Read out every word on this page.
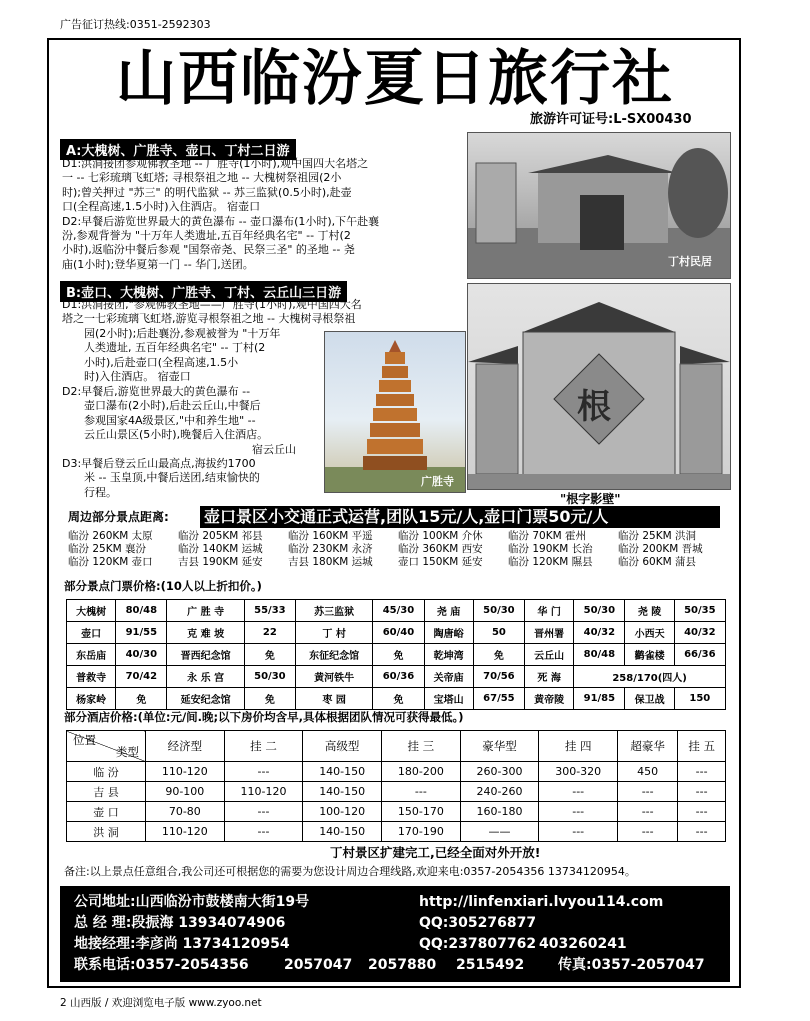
广告征订热线:0351-2592303
山西临汾夏日旅行社
旅游许可证号:L-SX00430
A:大槐树、广胜寺、壶口、丁村二日游
D1:洪洞接团参观佛教圣地 -- 广胜寺(1小时),观中国四大名塔之
一 -- 七彩琉璃飞虹塔; 寻根祭祖之地 -- 大槐树祭祖园(2小
时);曾关押过 "苏三" 的明代监狱 -- 苏三监狱(0.5小时),赴壶
口(全程高速,1.5小时)入住酒店。 宿壶口
D2:早餐后游览世界最大的黄色瀑布 -- 壶口瀑布(1小时),下午赴襄
汾,参观背誉为 "十万年人类遗址,五百年经典名宅" -- 丁村(2
小时),返临汾中餐后参观 "国祭帝尧、民祭三圣" 的圣地 -- 尧
庙(1小时);登华夏第一门 -- 华门,送团。	丁村民居
B:壶口、大槐树、广胜寺、丁村、云丘山三日游
D1:洪洞接团,"参观佛教圣地——广胜寺(1小时),观中国四大名
塔之一七彩琉璃飞虹塔,游览寻根祭祖之地 -- 大槐树寻根祭祖
园(2小时);后赴襄汾,参观被誉为 "十万年
人类遗址, 五百年经典名宅" -- 丁村(2
小时),后赴壶口(全程高速,1.5小
时)入住酒店。 宿壶口
D2:早餐后,游览世界最大的黄色瀑布 --
壶口瀑布(2小时),后赴云丘山,中餐后
参观国家4A级景区,"中和养生地" --
云丘山景区(5小时),晚餐后入住酒店。
宿云丘山
D3:早餐后登云丘山最高点,海拔约1700
米 -- 玉皇顶,中餐后送团,结束愉快的
行程。
广胜寺
根
"根字影壁"
周边部分景点距离: 壶口景区小交通正式运营,团队15元/人,壶口门票50元/人
临汾 260KM 太原 临汾 205KM 祁县 临汾 160KM 平遥 临汾 100KM 介休 临汾 70KM 霍州	临汾 25KM 洪洞
临汾 25KM 襄汾	临汾 140KM 运城 临汾 230KM 永济 临汾 360KM 西安 临汾 190KM 长治 临汾 200KM 晋城
临汾 120KM 壶口 吉县 190KM 延安 吉县 180KM 运城 壶口 150KM 延安 临汾 120KM 隰县 临汾 60KM 蒲县
部分景点门票价格:(10人以上折扣价。)
大槐树	80/48	广 胜 寺	55/33	苏三监狱	45/30	尧 庙	50/30	华 门	50/30	尧 陵	50/35
壶口	91/55	克 难 坡	22	丁 村	60/40	陶唐峪	50	晋州署	40/32	小西天	40/32
东岳庙	40/30	晋西纪念馆	免	东征纪念馆	免	乾坤湾	免	云丘山	80/48	鹳雀楼	66/36
普救寺	70/42	永 乐 宫	50/30	黄河铁牛	60/36	关帝庙	70/56	死 海	258/170(四人)		
杨家岭	免	延安纪念馆	免	枣 园	免	宝塔山	67/55	黄帝陵	91/85	保卫战	150
部分酒店价格:(单位:元/间.晚;以下房价均含早,具体根据团队情况可获得最低。)
位置
类型	经济型	挂 二	高级型	挂 三	豪华型	挂 四	超豪华	挂 五
临 汾	110-120	---	140-150	180-200	260-300	300-320	450	---
吉 县	90-100	110-120	140-150	---	240-260	---	---	---
壶 口	70-80	---	100-120	150-170	160-180	---	---	---
洪 洞	110-120	---	140-150	170-190	——	---	---	---
丁村景区扩建完工,已经全面对外开放!
备注:以上景点任意组合,我公司还可根据您的需要为您设计周边合理线路,欢迎来电:0357-2054356 13734120954。
公司地址:山西临汾市鼓楼南大街19号	http://linfenxiari.lvyou114.com
总 经 理:段振海 13934074906	QQ:305276877
地接经理:李彦尚 13734120954	QQ:237807762 403260241
联系电话:0357-2054356	2057047	2057880	2515492	传真:0357-2057047
2 山西版 / 欢迎浏览电子版 www.zyoo.net
